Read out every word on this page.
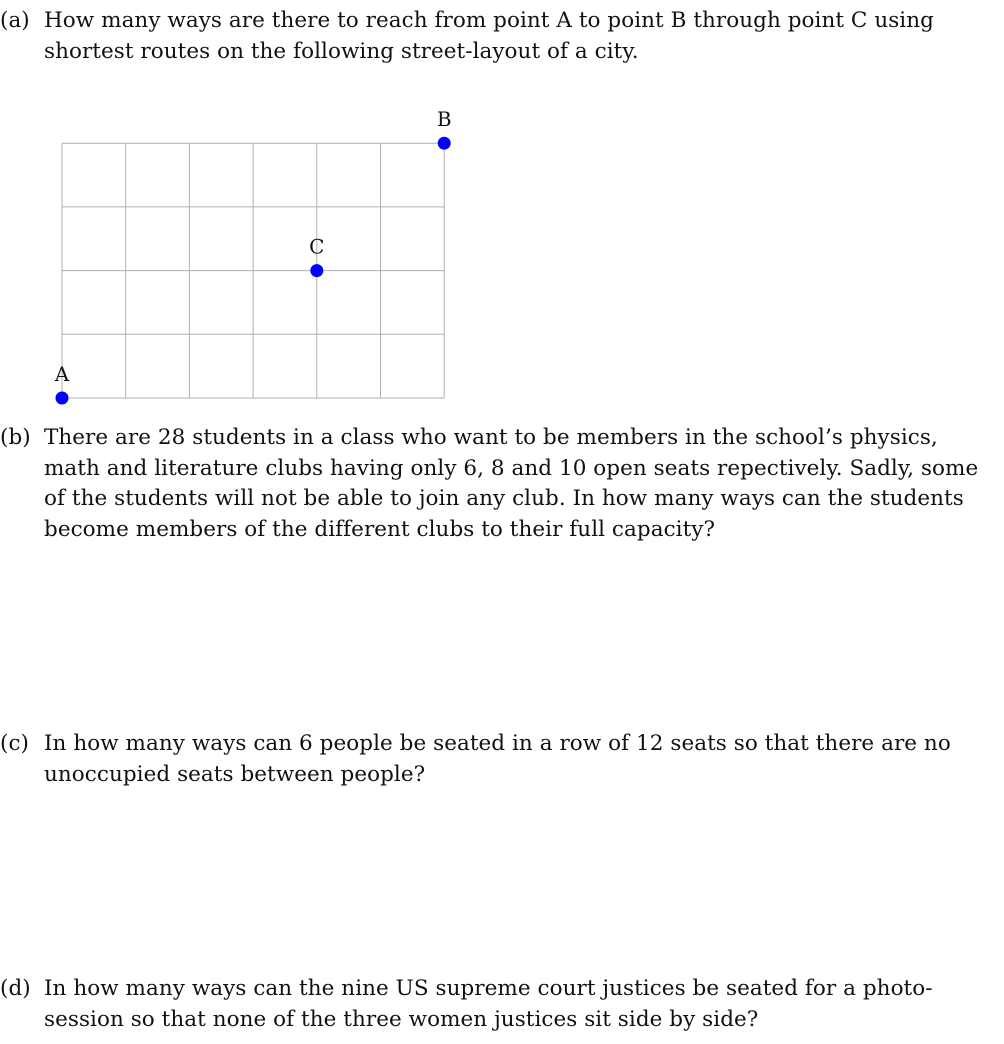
(a) How many ways are there to reach from point A to point B through point C using shortest routes on the following street-layout of a city.
A
C
B
(b) There are 28 students in a class who want to be members in the school’s physics, math and literature clubs having only 6, 8 and 10 open seats repectively. Sadly, some of the students will not be able to join any club. In how many ways can the students become members of the different clubs to their full capacity?
(c) In how many ways can 6 people be seated in a row of 12 seats so that there are no unoccupied seats between people?
(d) In how many ways can the nine US supreme court justices be seated for a photo-session so that none of the three women justices sit side by side?
